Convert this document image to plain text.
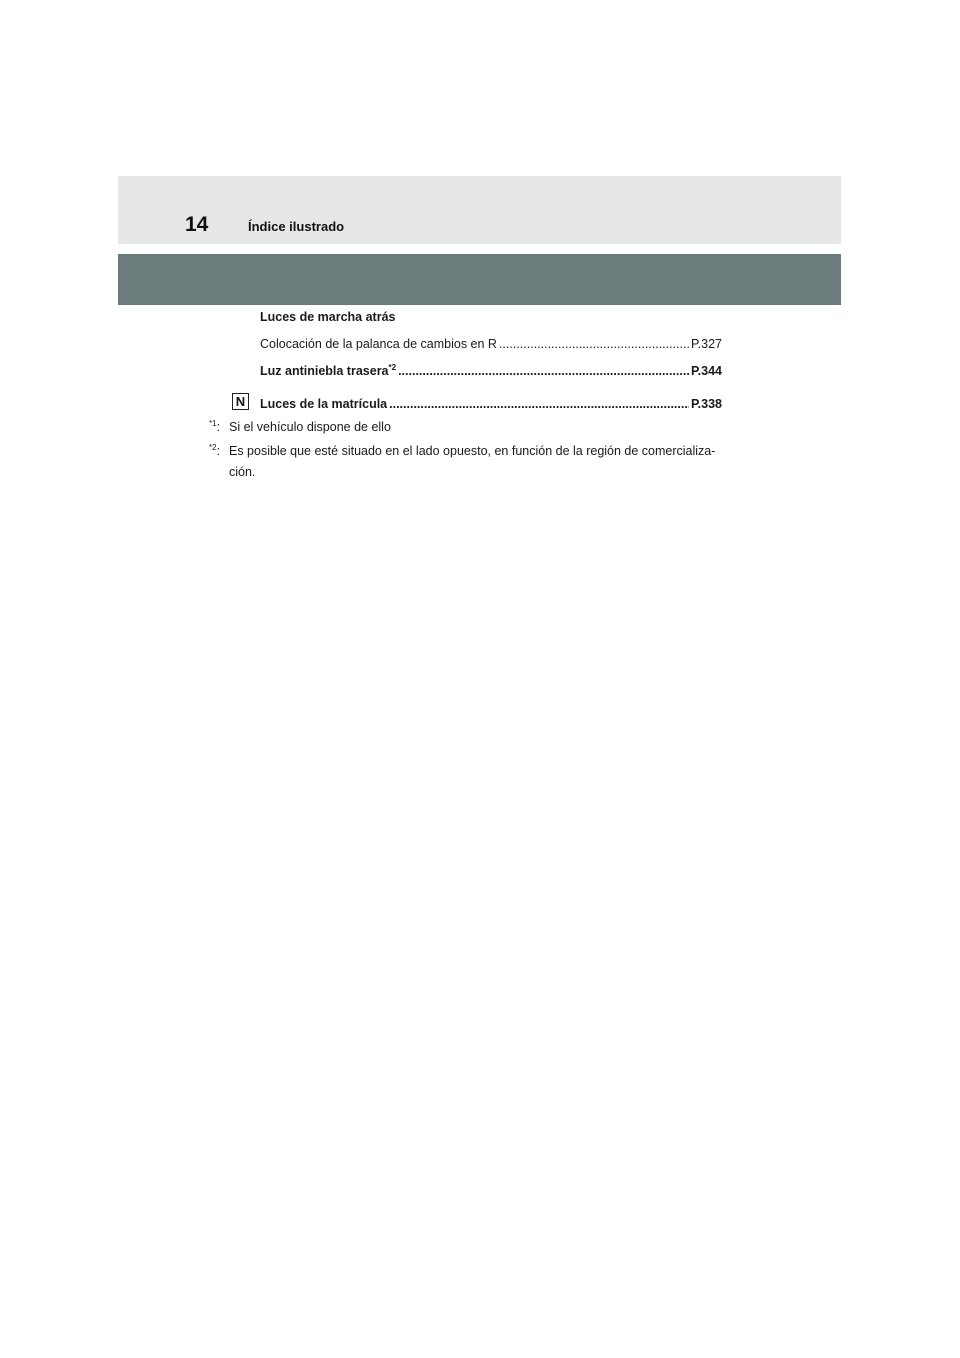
14	Índice ilustrado
Luces de marcha atrás
Colocación de la palanca de cambios en R .....	P.327
Luz antiniebla trasera$^{*2}$ .....	P.344
N	Luces de la matrícula .....	P.338
$^{*1}$: Si el vehículo dispone de ello
$^{*2}$: Es posible que esté situado en el lado opuesto, en función de la región de comercializa-ción.
